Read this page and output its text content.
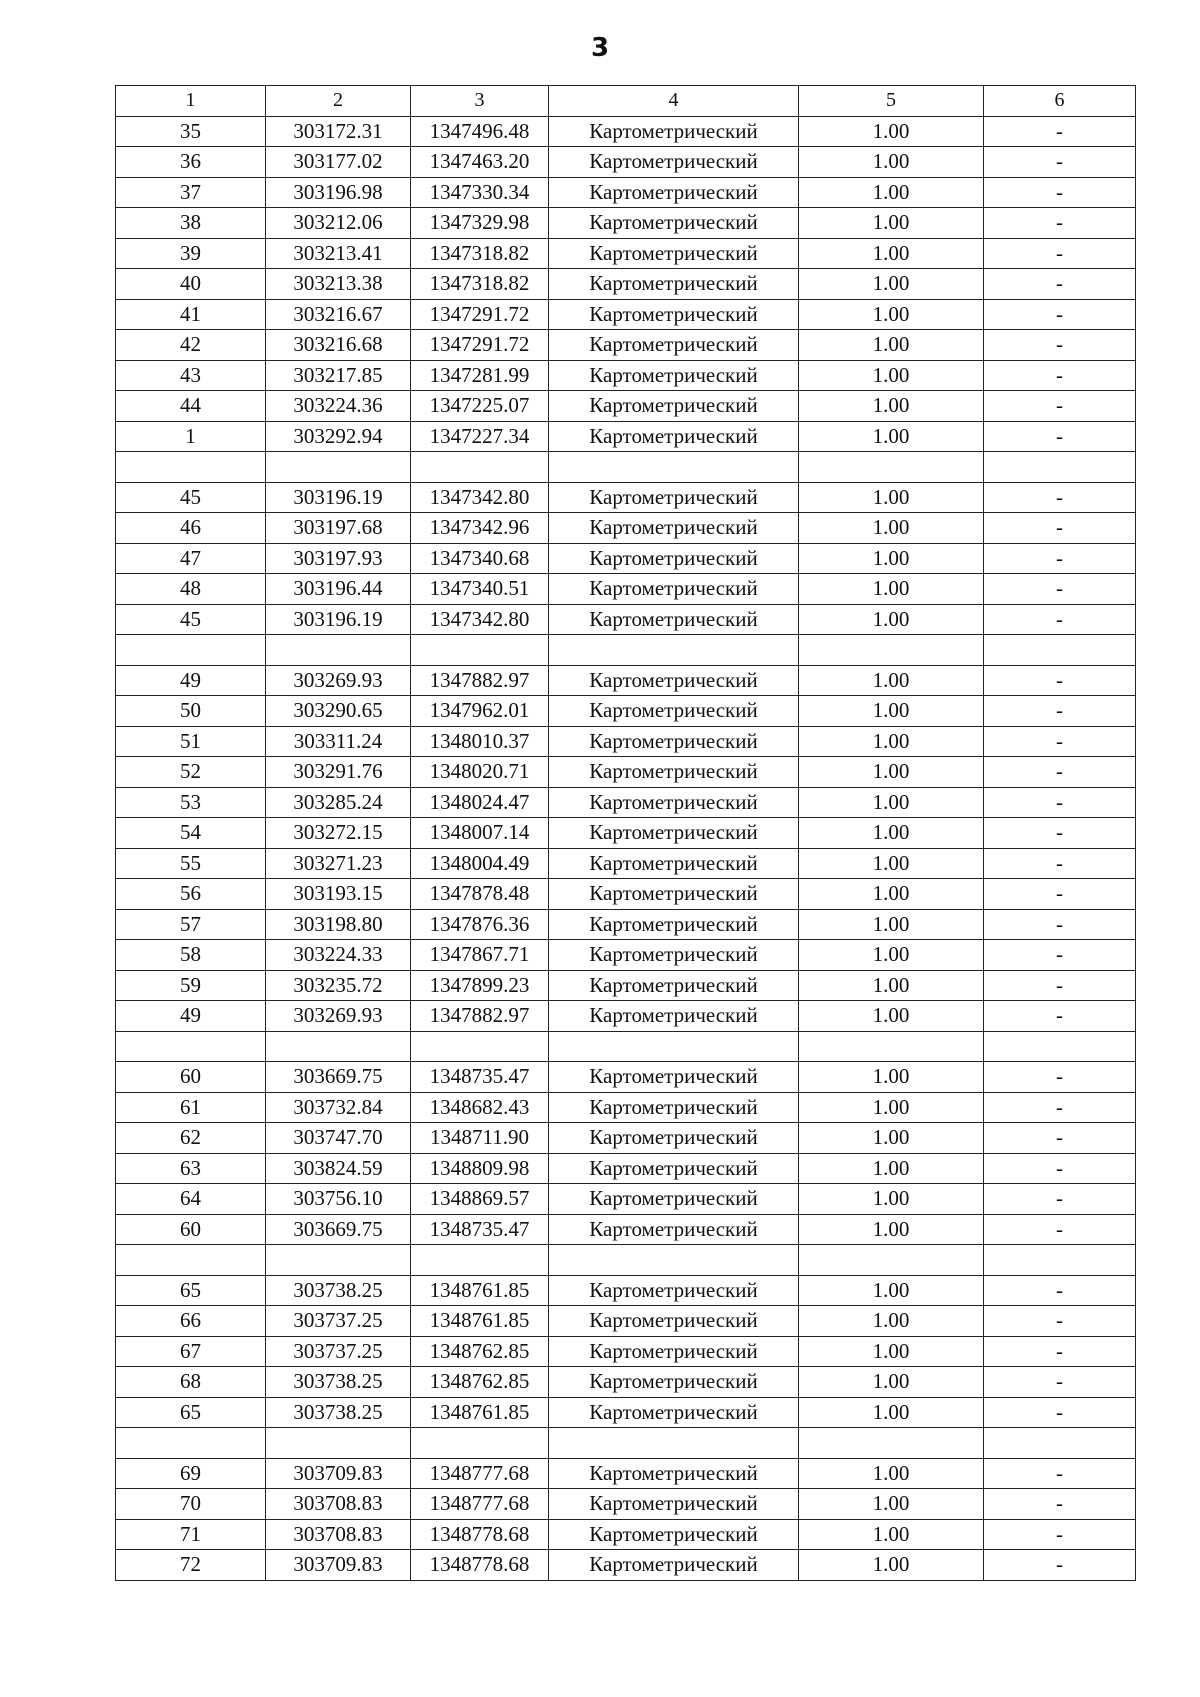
3
1	2	3	4	5	6
35	303172.31	1347496.48	Картометрический	1.00	-
36	303177.02	1347463.20	Картометрический	1.00	-
37	303196.98	1347330.34	Картометрический	1.00	-
38	303212.06	1347329.98	Картометрический	1.00	-
39	303213.41	1347318.82	Картометрический	1.00	-
40	303213.38	1347318.82	Картометрический	1.00	-
41	303216.67	1347291.72	Картометрический	1.00	-
42	303216.68	1347291.72	Картометрический	1.00	-
43	303217.85	1347281.99	Картометрический	1.00	-
44	303224.36	1347225.07	Картометрический	1.00	-
1	303292.94	1347227.34	Картометрический	1.00	-

45	303196.19	1347342.80	Картометрический	1.00	-
46	303197.68	1347342.96	Картометрический	1.00	-
47	303197.93	1347340.68	Картометрический	1.00	-
48	303196.44	1347340.51	Картометрический	1.00	-
45	303196.19	1347342.80	Картометрический	1.00	-

49	303269.93	1347882.97	Картометрический	1.00	-
50	303290.65	1347962.01	Картометрический	1.00	-
51	303311.24	1348010.37	Картометрический	1.00	-
52	303291.76	1348020.71	Картометрический	1.00	-
53	303285.24	1348024.47	Картометрический	1.00	-
54	303272.15	1348007.14	Картометрический	1.00	-
55	303271.23	1348004.49	Картометрический	1.00	-
56	303193.15	1347878.48	Картометрический	1.00	-
57	303198.80	1347876.36	Картометрический	1.00	-
58	303224.33	1347867.71	Картометрический	1.00	-
59	303235.72	1347899.23	Картометрический	1.00	-
49	303269.93	1347882.97	Картометрический	1.00	-

60	303669.75	1348735.47	Картометрический	1.00	-
61	303732.84	1348682.43	Картометрический	1.00	-
62	303747.70	1348711.90	Картометрический	1.00	-
63	303824.59	1348809.98	Картометрический	1.00	-
64	303756.10	1348869.57	Картометрический	1.00	-
60	303669.75	1348735.47	Картометрический	1.00	-

65	303738.25	1348761.85	Картометрический	1.00	-
66	303737.25	1348761.85	Картометрический	1.00	-
67	303737.25	1348762.85	Картометрический	1.00	-
68	303738.25	1348762.85	Картометрический	1.00	-
65	303738.25	1348761.85	Картометрический	1.00	-

69	303709.83	1348777.68	Картометрический	1.00	-
70	303708.83	1348777.68	Картометрический	1.00	-
71	303708.83	1348778.68	Картометрический	1.00	-
72	303709.83	1348778.68	Картометрический	1.00	-
